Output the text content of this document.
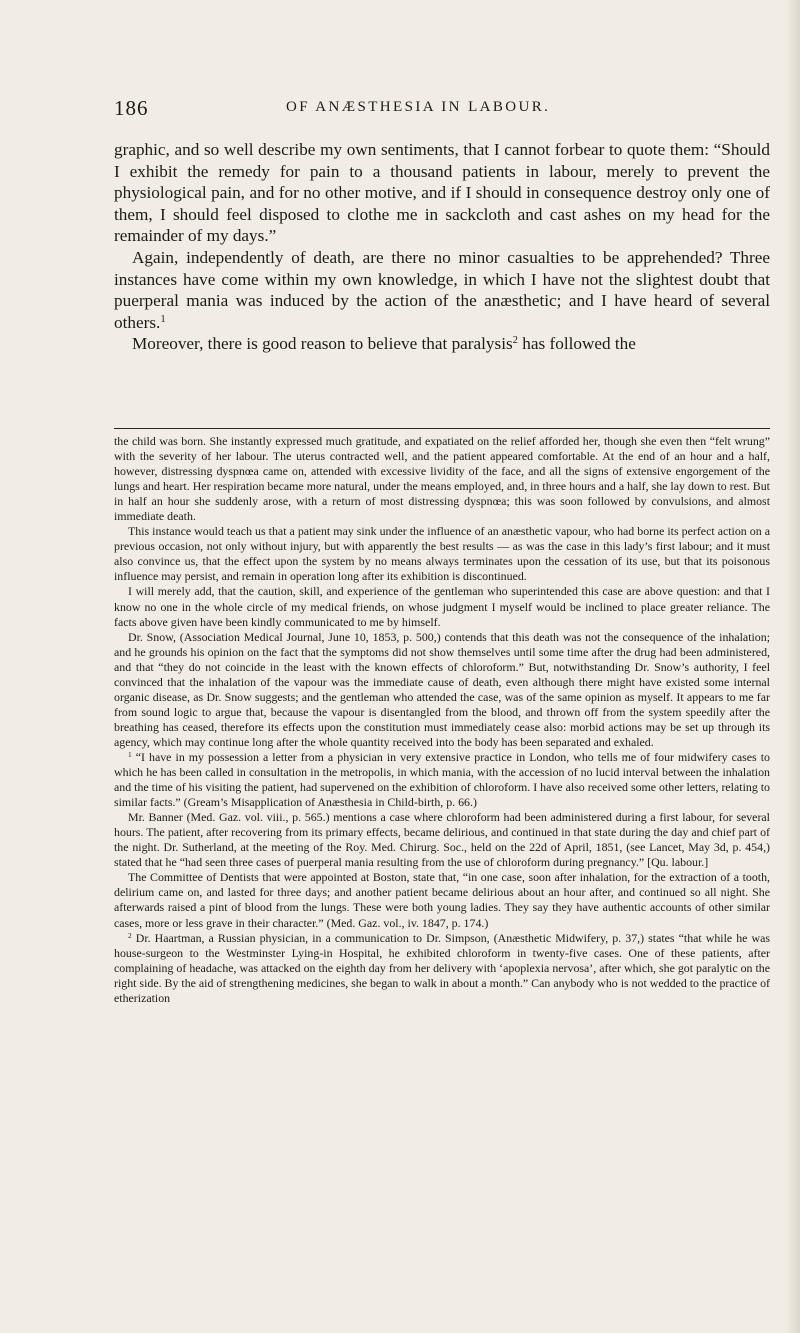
186	OF ANÆSTHESIA IN LABOUR.

graphic, and so well describe my own sentiments, that I cannot forbear to quote them: “Should I exhibit the remedy for pain to a thousand patients in labour, merely to prevent the physiological pain, and for no other motive, and if I should in consequence destroy only one of them, I should feel disposed to clothe me in sackcloth and cast ashes on my head for the remainder of my days.”

Again, independently of death, are there no minor casualties to be apprehended? Three instances have come within my own knowledge, in which I have not the slightest doubt that puerperal mania was induced by the action of the anæsthetic; and I have heard of several others.$^1$

Moreover, there is good reason to believe that paralysis$^2$ has followed the

the child was born. She instantly expressed much gratitude, and expatiated on the relief afforded her, though she even then “felt wrung” with the severity of her labour. The uterus contracted well, and the patient appeared comfortable. At the end of an hour and a half, however, distressing dyspnœa came on, attended with excessive lividity of the face, and all the signs of extensive engorgement of the lungs and heart. Her respiration became more natural, under the means employed, and, in three hours and a half, she lay down to rest. But in half an hour she suddenly arose, with a return of most distressing dyspnœa; this was soon followed by convulsions, and almost immediate death.

This instance would teach us that a patient may sink under the influence of an anæsthetic vapour, who had borne its perfect action on a previous occasion, not only without injury, but with apparently the best results — as was the case in this lady’s first labour; and it must also convince us, that the effect upon the system by no means always terminates upon the cessation of its use, but that its poisonous influence may persist, and remain in operation long after its exhibition is discontinued.

I will merely add, that the caution, skill, and experience of the gentleman who superintended this case are above question: and that I know no one in the whole circle of my medical friends, on whose judgment I myself would be inclined to place greater reliance. The facts above given have been kindly communicated to me by himself.

Dr. Snow, (Association Medical Journal, June 10, 1853, p. 500,) contends that this death was not the consequence of the inhalation; and he grounds his opinion on the fact that the symptoms did not show themselves until some time after the drug had been administered, and that “they do not coincide in the least with the known effects of chloroform.” But, notwithstanding Dr. Snow’s authority, I feel convinced that the inhalation of the vapour was the immediate cause of death, even although there might have existed some internal organic disease, as Dr. Snow suggests; and the gentleman who attended the case, was of the same opinion as myself. It appears to me far from sound logic to argue that, because the vapour is disentangled from the blood, and thrown off from the system speedily after the breathing has ceased, therefore its effects upon the constitution must immediately cease also: morbid actions may be set up through its agency, which may continue long after the whole quantity received into the body has been separated and exhaled.

$^1$ “I have in my possession a letter from a physician in very extensive practice in London, who tells me of four midwifery cases to which he has been called in consultation in the metropolis, in which mania, with the accession of no lucid interval between the inhalation and the time of his visiting the patient, had supervened on the exhibition of chloroform. I have also received some other letters, relating to similar facts.” (Gream’s Misapplication of Anæsthesia in Child-birth, p. 66.)

Mr. Banner (Med. Gaz. vol. viii., p. 565.) mentions a case where chloroform had been administered during a first labour, for several hours. The patient, after recovering from its primary effects, became delirious, and continued in that state during the day and chief part of the night. Dr. Sutherland, at the meeting of the Roy. Med. Chirurg. Soc., held on the 22d of April, 1851, (see Lancet, May 3d, p. 454,) stated that he “had seen three cases of puerperal mania resulting from the use of chloroform during pregnancy.” [Qu. labour.]

The Committee of Dentists that were appointed at Boston, state that, “in one case, soon after inhalation, for the extraction of a tooth, delirium came on, and lasted for three days; and another patient became delirious about an hour after, and continued so all night. She afterwards raised a pint of blood from the lungs. These were both young ladies. They say they have authentic accounts of other similar cases, more or less grave in their character.” (Med. Gaz. vol., iv. 1847, p. 174.)

$^2$ Dr. Haartman, a Russian physician, in a communication to Dr. Simpson, (Anæsthetic Midwifery, p. 37,) states “that while he was house-surgeon to the Westminster Lying-in Hospital, he exhibited chloroform in twenty-five cases. One of these patients, after complaining of headache, was attacked on the eighth day from her delivery with ‘apoplexia nervosa’, after which, she got paralytic on the right side. By the aid of strengthening medicines, she began to walk in about a month.” Can anybody who is not wedded to the practice of etherization
